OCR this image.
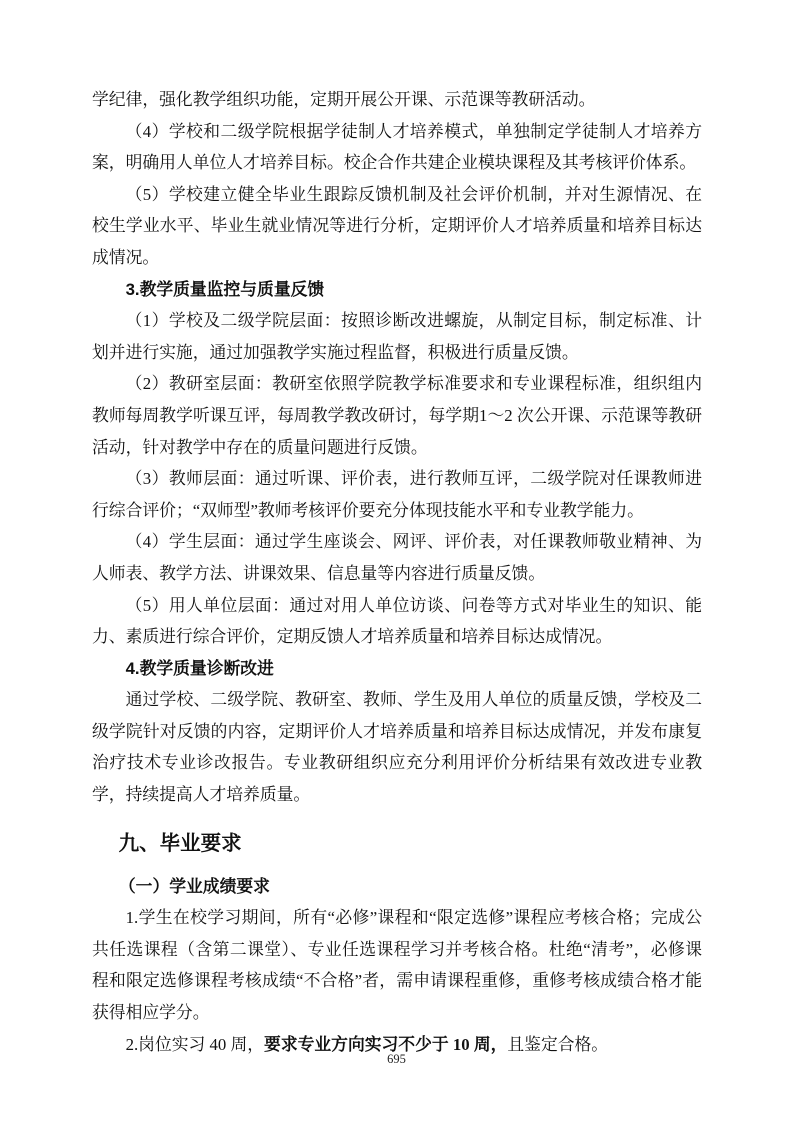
学纪律，强化教学组织功能，定期开展公开课、示范课等教研活动。

（4）学校和二级学院根据学徒制人才培养模式，单独制定学徒制人才培养方案，明确用人单位人才培养目标。校企合作共建企业模块课程及其考核评价体系。

（5）学校建立健全毕业生跟踪反馈机制及社会评价机制，并对生源情况、在校生学业水平、毕业生就业情况等进行分析，定期评价人才培养质量和培养目标达成情况。

3.教学质量监控与质量反馈

（1）学校及二级学院层面：按照诊断改进螺旋，从制定目标，制定标准、计划并进行实施，通过加强教学实施过程监督，积极进行质量反馈。

（2）教研室层面：教研室依照学院教学标准要求和专业课程标准，组织组内教师每周教学听课互评，每周教学教改研讨，每学期1～2 次公开课、示范课等教研活动，针对教学中存在的质量问题进行反馈。

（3）教师层面：通过听课、评价表，进行教师互评，二级学院对任课教师进行综合评价；“双师型”教师考核评价要充分体现技能水平和专业教学能力。

（4）学生层面：通过学生座谈会、网评、评价表，对任课教师敬业精神、为人师表、教学方法、讲课效果、信息量等内容进行质量反馈。

（5）用人单位层面：通过对用人单位访谈、问卷等方式对毕业生的知识、能力、素质进行综合评价，定期反馈人才培养质量和培养目标达成情况。

4.教学质量诊断改进

通过学校、二级学院、教研室、教师、学生及用人单位的质量反馈，学校及二级学院针对反馈的内容，定期评价人才培养质量和培养目标达成情况，并发布康复治疗技术专业诊改报告。专业教研组织应充分利用评价分析结果有效改进专业教学，持续提高人才培养质量。

九、毕业要求

（一）学业成绩要求

1.学生在校学习期间，所有“必修”课程和“限定选修”课程应考核合格；完成公共任选课程（含第二课堂）、专业任选课程学习并考核合格。杜绝“清考”，必修课程和限定选修课程考核成绩“不合格”者，需申请课程重修，重修考核成绩合格才能获得相应学分。

2.岗位实习 40 周，要求专业方向实习不少于 10 周，且鉴定合格。

695
